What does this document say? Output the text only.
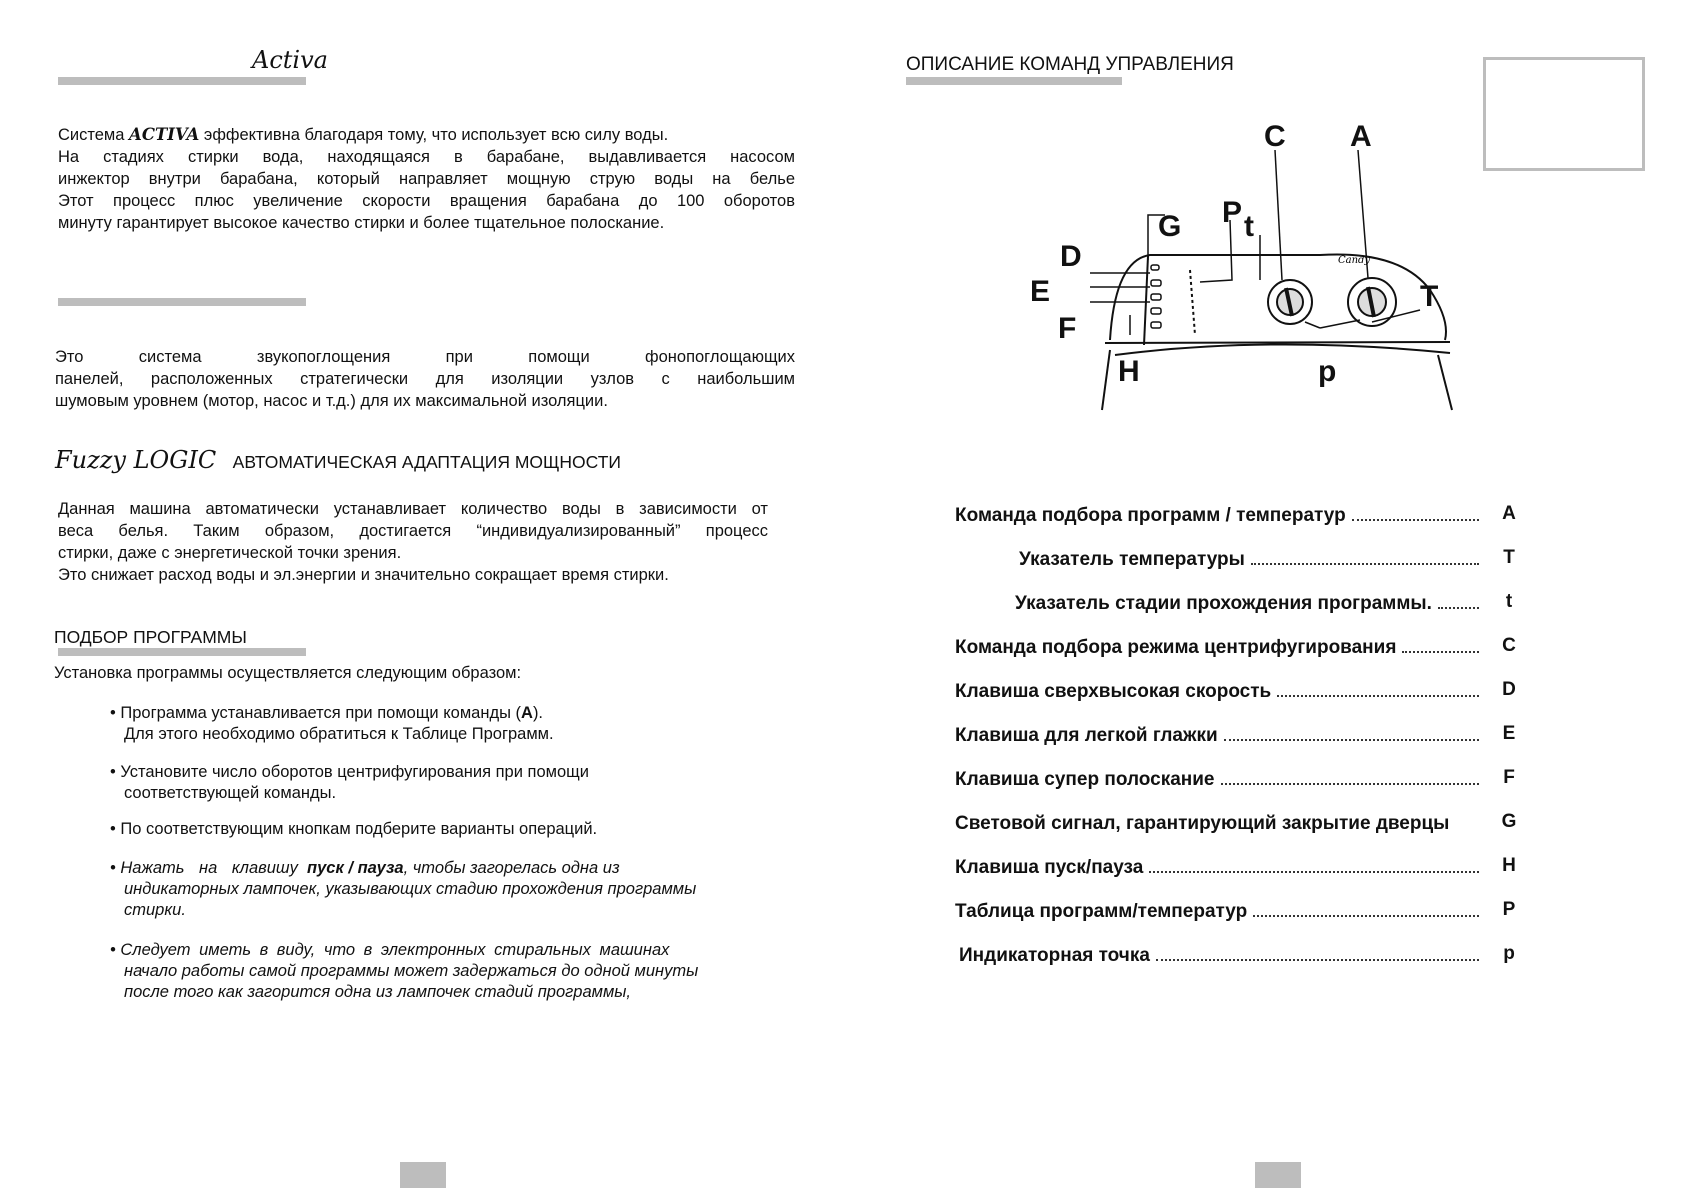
Activa
Система ACTIVA эффективна благодаря тому, что использует всю силу воды.
На стадиях стирки вода, находящаяся в барабане, выдавливается насосом
инжектор внутри барабана, который направляет мощную струю воды на белье
Этот процесс плюс увеличение скорости вращения барабана до 100 оборотов
минуту гарантирует высокое качество стирки и более тщательное полоскание.
Это система звукопоглощения при помощи фонопоглощающих
панелей, расположенных стратегически для изоляции узлов с наибольшим
шумовым уровнем (мотор, насос и т.д.) для их максимальной изоляции.
Fuzzy LOGIC АВТОМАТИЧЕСКАЯ АДАПТАЦИЯ МОЩНОСТИ
Данная машина автоматически устанавливает количество воды в зависимости от
веса белья. Таким образом, достигается “индивидуализированный” процесс
стирки, даже с энергетической точки зрения.
Это снижает расход воды и эл.энергии и значительно сокращает время стирки.
ПОДБОР ПРОГРАММЫ
Установка программы осуществляется следующим образом:
• Программа устанавливается при помощи команды (A).
Для этого необходимо обратиться к Таблице Программ.
• Установите число оборотов центрифугирования при помощи
соответствующей команды.
• По соответствующим кнопкам подберите варианты операций.
• Нажать на клавишу пуск / пауза, чтобы загорелась одна из
индикаторных лампочек, указывающих стадию прохождения программы
стирки.
• Следует иметь в виду, что в электронных стиральных машинах
начало работы самой программы может задержаться до одной минуты
после того как загорится одна из лампочек стадий программы,
ОПИСАНИЕ КОМАНД УПРАВЛЕНИЯ
Candy
C A
G P t
D
E
F
H	p
T
Команда подбора программ / температур	A
Указатель температуры	T
Указатель стадии прохождения программы.	t
Команда подбора режима центрифугирования	C
Клавиша сверхвысокая скорость	D
Клавиша для легкой глажки	E
Клавиша супер полоскание	F
Световой сигнал, гарантирующий закрытие дверцы	G
Клавиша пуск/пауза	H
Таблица программ/температур	P
Индикаторная точка	p
